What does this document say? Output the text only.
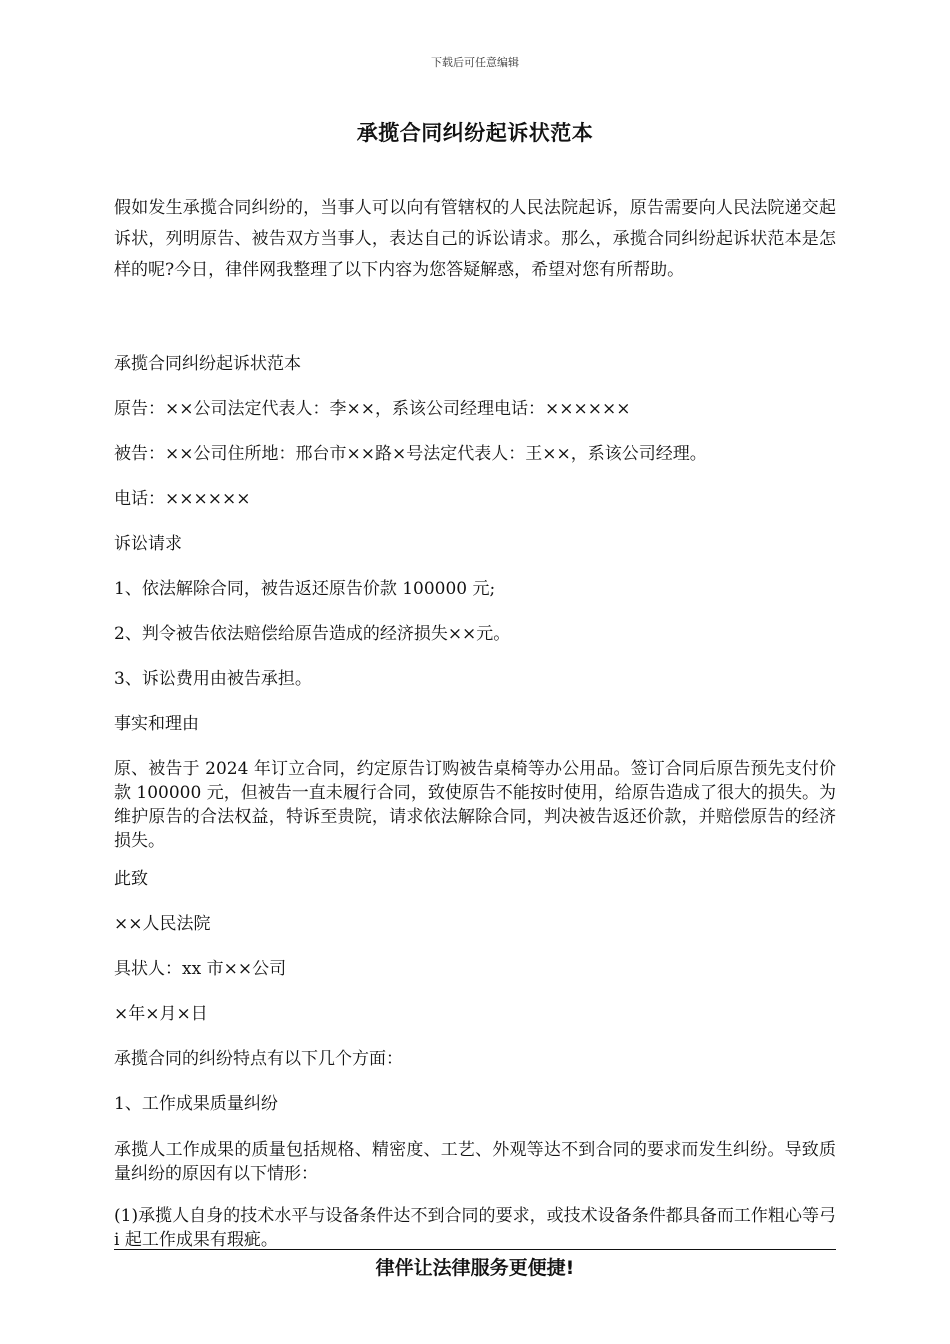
下载后可任意编辑
承揽合同纠纷起诉状范本

假如发生承揽合同纠纷的，当事人可以向有管辖权的人民法院起诉，原告需要向人民法院递交起诉状，列明原告、被告双方当事人，表达自己的诉讼请求。那么，承揽合同纠纷起诉状范本是怎样的呢?今日，律伴网我整理了以下内容为您答疑解惑，希望对您有所帮助。

承揽合同纠纷起诉状范本

原告：××公司法定代表人：李××，系该公司经理电话：××××××

被告：××公司住所地：邢台市××路×号法定代表人：王××，系该公司经理。

电话：××××××

诉讼请求

1、依法解除合同，被告返还原告价款 100000 元;

2、判令被告依法赔偿给原告造成的经济损失××元。

3、诉讼费用由被告承担。

事实和理由

原、被告于 2024 年订立合同，约定原告订购被告桌椅等办公用品。签订合同后原告预先支付价款 100000 元，但被告一直未履行合同，致使原告不能按时使用，给原告造成了很大的损失。为维护原告的合法权益，特诉至贵院，请求依法解除合同，判决被告返还价款，并赔偿原告的经济损失。

此致

××人民法院

具状人：xx 市××公司

×年×月×日

承揽合同的纠纷特点有以下几个方面：

1、工作成果质量纠纷

承揽人工作成果的质量包括规格、精密度、工艺、外观等达不到合同的要求而发生纠纷。导致质量纠纷的原因有以下情形：

(1)承揽人自身的技术水平与设备条件达不到合同的要求，或技术设备条件都具备而工作粗心等弓 i 起工作成果有瑕疵。

律伴让法律服务更便捷!
